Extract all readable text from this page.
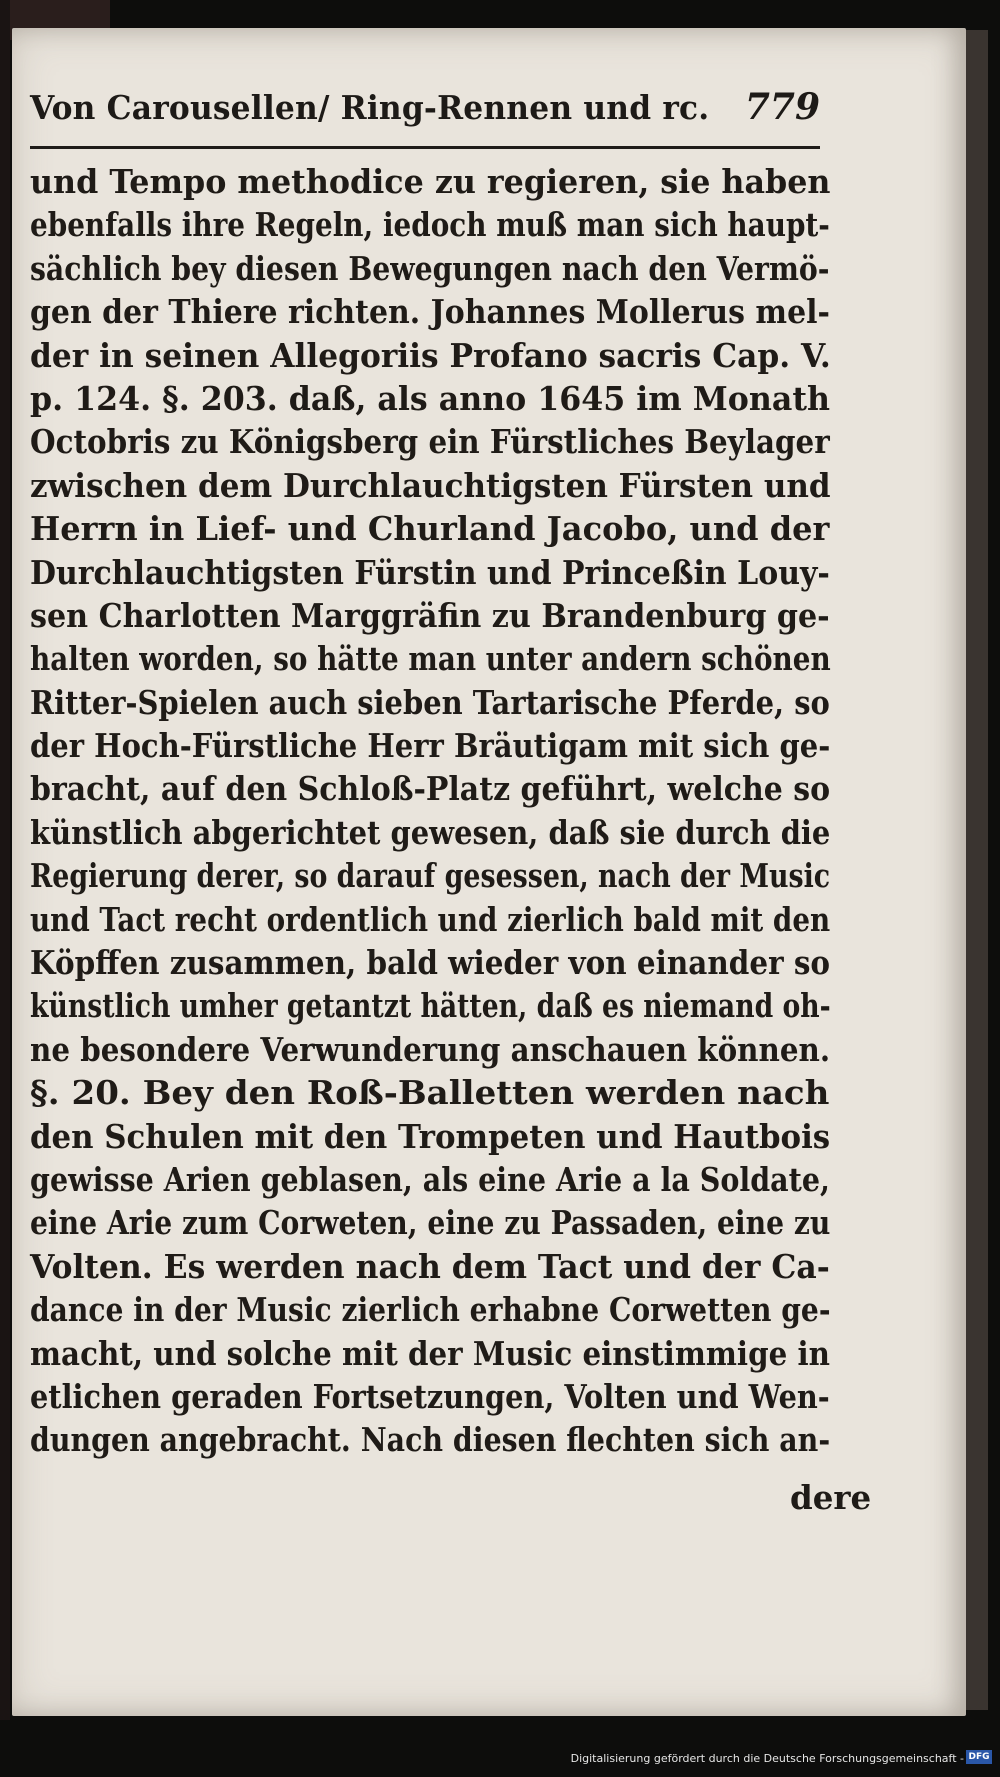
Von Carousellen/ Ring-Rennen und rc. 779
und Tempo methodice zu regieren, sie haben
ebenfalls ihre Regeln, iedoch muß man sich haupt-
sächlich bey diesen Bewegungen nach den Vermö-
gen der Thiere richten. Johannes Mollerus mel-
der in seinen Allegoriis Profano sacris Cap. V.
p. 124. §. 203. daß, als anno 1645 im Monath
Octobris zu Königsberg ein Fürstliches Beylager
zwischen dem Durchlauchtigsten Fürsten und
Herrn in Lief- und Churland Jacobo, und der
Durchlauchtigsten Fürstin und Princeßin Louy-
sen Charlotten Marggräfin zu Brandenburg ge-
halten worden, so hätte man unter andern schönen
Ritter-Spielen auch sieben Tartarische Pferde, so
der Hoch-Fürstliche Herr Bräutigam mit sich ge-
bracht, auf den Schloß-Platz geführt, welche so
künstlich abgerichtet gewesen, daß sie durch die
Regierung derer, so darauf gesessen, nach der Music
und Tact recht ordentlich und zierlich bald mit den
Köpffen zusammen, bald wieder von einander so
künstlich umher getantzt hätten, daß es niemand oh-
ne besondere Verwunderung anschauen können.
§. 20. Bey den Roß-Balletten werden nach
den Schulen mit den Trompeten und Hautbois
gewisse Arien geblasen, als eine Arie a la Soldate,
eine Arie zum Corweten, eine zu Passaden, eine zu
Volten. Es werden nach dem Tact und der Ca-
dance in der Music zierlich erhabne Corwetten ge-
macht, und solche mit der Music einstimmige in
etlichen geraden Fortsetzungen, Volten und Wen-
dungen angebracht. Nach diesen flechten sich an-
dere
Digitalisierung gefördert durch die Deutsche Forschungsgemeinschaft - DFG
